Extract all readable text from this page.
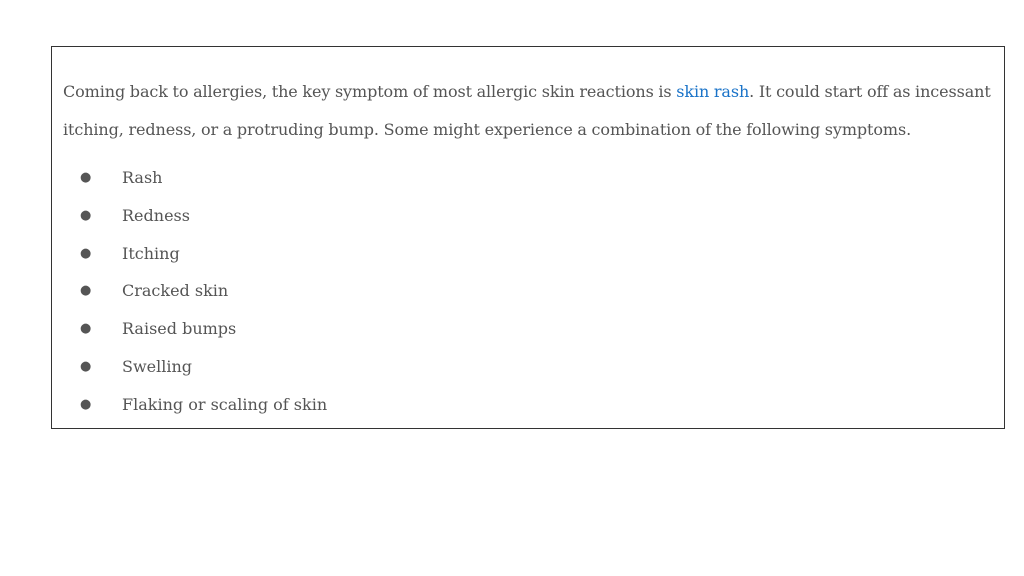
Coming back to allergies, the key symptom of most allergic skin reactions is skin rash. It could start off as incessant itching, redness, or a protruding bump. Some might experience a combination of the following symptoms.

● Rash
● Redness
● Itching
● Cracked skin
● Raised bumps
● Swelling
● Flaking or scaling of skin
